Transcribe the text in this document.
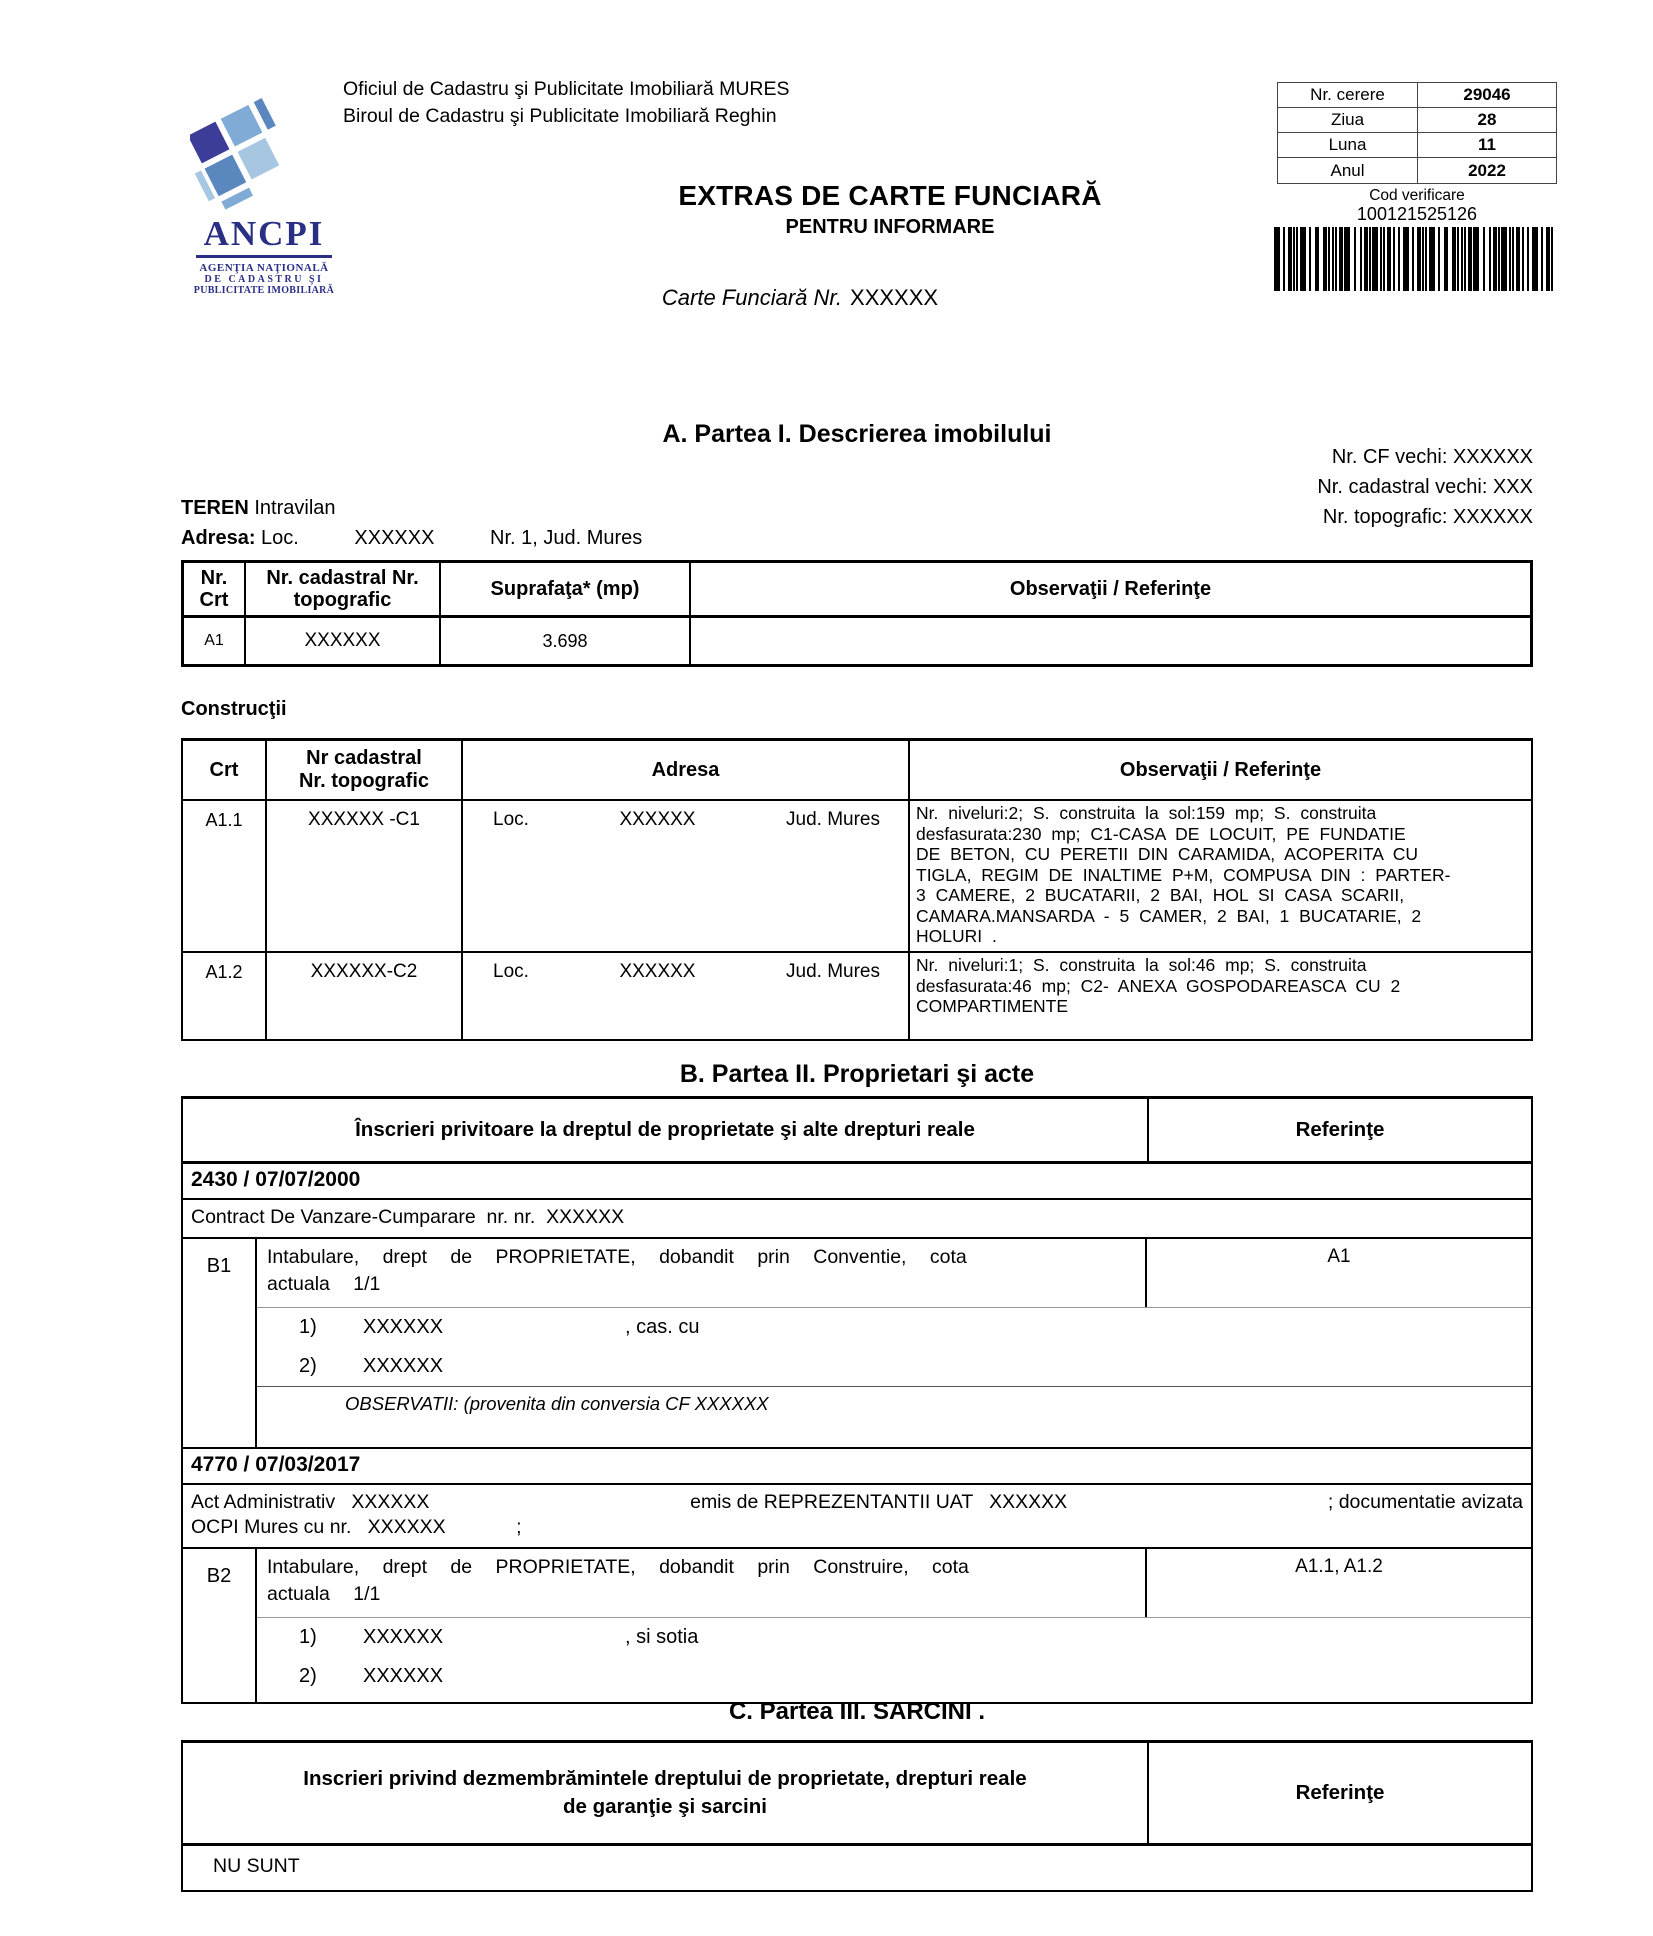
ANCPI
AGENŢIA NAŢIONALĂ
DE CADASTRU ŞI
PUBLICITATE IMOBILIARĂ
Oficiul de Cadastru şi Publicitate Imobiliară MURES
Biroul de Cadastru şi Publicitate Imobiliară Reghin
EXTRAS DE CARTE FUNCIARĂ
PENTRU INFORMARE
Carte Funciară Nr. XXXXXX
Nr. cerere	29046
Ziua	28
Luna	11
Anul	2022
Cod verificare
100121525126
A. Partea I. Descrierea imobilului
Nr. CF vechi: XXXXXX
Nr. cadastral vechi: XXX
Nr. topografic: XXXXXX
TEREN Intravilan
Adresa: Loc.          XXXXXX          Nr. 1, Jud. Mures
Nr.
Crt
Nr. cadastral Nr.
topografic	Suprafaţa* (mp)	Observaţii / Referinţe
A1	XXXXXX	3.698
Construcţii
Crt
Nr cadastral
Nr. topografic
Adresa	Observaţii / Referinţe
A1.1	XXXXXX -C1	Loc.	XXXXXX	Jud. Mures	Nr. niveluri:2; S. construita la sol:159 mp; S. construita
desfasurata:230 mp; C1-CASA DE LOCUIT, PE FUNDATIE
DE BETON, CU PERETII DIN CARAMIDA, ACOPERITA CU
TIGLA, REGIM DE INALTIME P+M, COMPUSA DIN : PARTER-
3 CAMERE, 2 BUCATARII, 2 BAI, HOL SI CASA SCARII,
CAMARA.MANSARDA - 5 CAMER, 2 BAI, 1 BUCATARIE, 2
HOLURI .
A1.2	XXXXXX-C2	Loc.	XXXXXX	Jud. Mures	Nr. niveluri:1; S. construita la sol:46 mp; S. construita
desfasurata:46 mp; C2- ANEXA GOSPODAREASCA CU 2
COMPARTIMENTE
B. Partea II. Proprietari şi acte
Înscrieri privitoare la dreptul de proprietate şi alte drepturi reale	Referinţe
2430 / 07/07/2000
Contract De Vanzare-Cumparare  nr. nr.  XXXXXX
B1	Intabulare, drept de PROPRIETATE, dobandit prin Conventie, cota
actuala 1/1
A1
1) XXXXXX	, cas. cu
2) XXXXXX
OBSERVATII: (provenita din conversia CF XXXXXX
4770 / 07/03/2017
Act Administrativ   XXXXXX	emis de REPREZENTANTII UAT   XXXXXX	; documentatie avizata
OCPI Mures cu nr.   XXXXXX             ;
B2	Intabulare, drept de PROPRIETATE, dobandit prin Construire, cota
actuala 1/1
A1.1, A1.2
1) XXXXXX	, si sotia
2) XXXXXX
C. Partea III. SARCINI .
Inscrieri privind dezmembrămintele dreptului de proprietate, drepturi reale
de garanţie şi sarcini
Referinţe
NU SUNT
